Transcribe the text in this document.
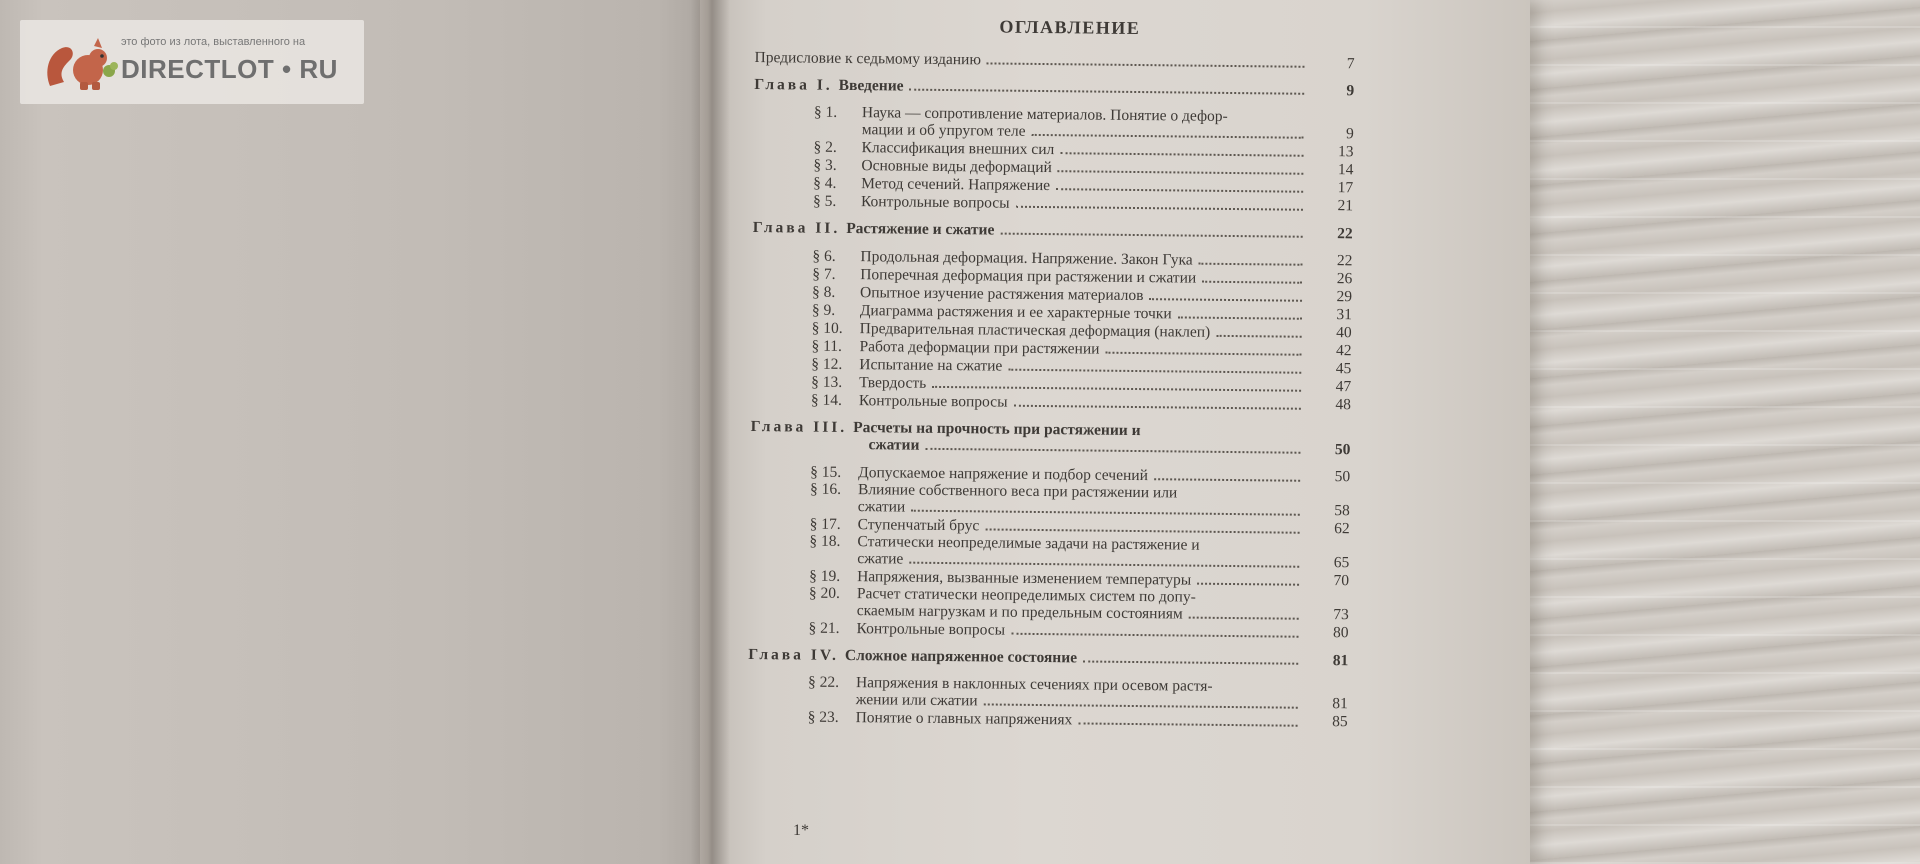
это фото из лота, выставленного на
DIRECTLOT • RU
ОГЛАВЛЕНИЕ
Предисловие к седьмому изданию	7
Глава I. Введение	9
§ 1.	Наука — сопротивление материалов. Понятие о дефор-
мации и об упругом теле	9
§ 2.	Классификация внешних сил	13
§ 3.	Основные виды деформаций	14
§ 4.	Метод сечений. Напряжение	17
§ 5.	Контрольные вопросы	21
Глава II. Растяжение и сжатие	22
§ 6.	Продольная деформация. Напряжение. Закон Гука	22
§ 7.	Поперечная деформация при растяжении и сжатии	26
§ 8.	Опытное изучение растяжения материалов	29
§ 9.	Диаграмма растяжения и ее характерные точки	31
§ 10.	Предварительная пластическая деформация (наклеп)	40
§ 11.	Работа деформации при растяжении	42
§ 12.	Испытание на сжатие	45
§ 13.	Твердость	47
§ 14.	Контрольные вопросы	48
Глава III. Расчеты на прочность при растяжении и
сжатии	50
§ 15.	Допускаемое напряжение и подбор сечений	50
§ 16.	Влияние собственного веса при растяжении или
сжатии	58
§ 17.	Ступенчатый брус	62
§ 18.	Статически неопределимые задачи на растяжение и
сжатие	65
§ 19.	Напряжения, вызванные изменением температуры	70
§ 20.	Расчет статически неопределимых систем по допу-
скаемым нагрузкам и по предельным состояниям	73
§ 21.	Контрольные вопросы	80
Глава IV. Сложное напряженное состояние	81
§ 22.	Напряжения в наклонных сечениях при осевом растя-
жении или сжатии	81
§ 23.	Понятие о главных напряжениях	85
1*
